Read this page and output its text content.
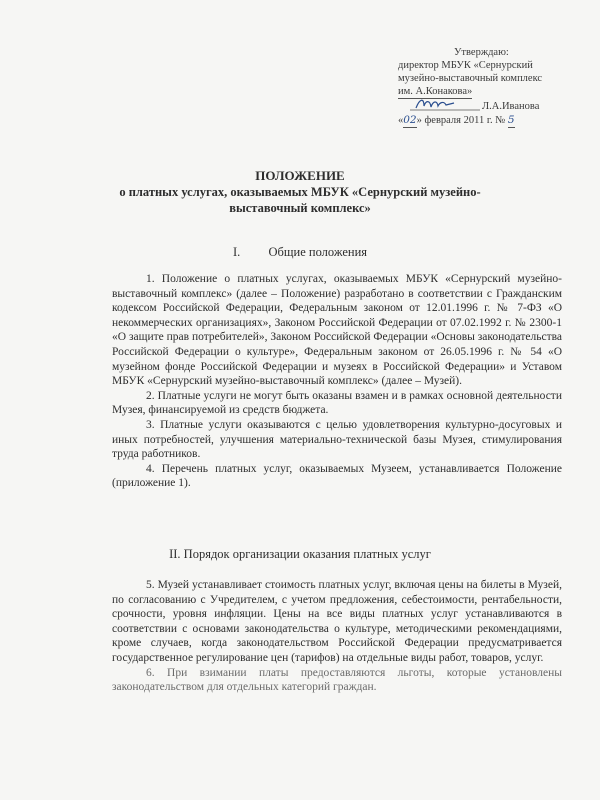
Утверждаю:
директор МБУК «Сернурский
музейно-выставочный комплекс
им. А.Конакова»
Л.А.Иванова
«02» февраля 2011 г. № 5
ПОЛОЖЕНИЕ
о платных услугах, оказываемых МБУК «Сернурский музейно-
выставочный комплекс»
I. Общие положения

1. Положение о платных услугах, оказываемых МБУК «Сернурский музейно-выставочный комплекс» (далее – Положение) разработано в соответствии с Гражданским кодексом Российской Федерации, Федеральным законом от 12.01.1996 г. № 7-ФЗ «О некоммерческих организациях», Законом Российской Федерации от 07.02.1992 г. № 2300-1 «О защите прав потребителей», Законом Российской Федерации «Основы законодательства Российской Федерации о культуре», Федеральным законом от 26.05.1996 г. № 54 «О музейном фонде Российской Федерации и музеях в Российской Федерации» и Уставом МБУК «Сернурский музейно-выставочный комплекс» (далее – Музей).

2. Платные услуги не могут быть оказаны взамен и в рамках основной деятельности Музея, финансируемой из средств бюджета.

3. Платные услуги оказываются с целью удовлетворения культурно-досуговых и иных потребностей, улучшения материально-технической базы Музея, стимулирования труда работников.

4. Перечень платных услуг, оказываемых Музеем, устанавливается Положение (приложение 1).

II. Порядок организации оказания платных услуг

5. Музей устанавливает стоимость платных услуг, включая цены на билеты в Музей, по согласованию с Учредителем, с учетом предложения, себестоимости, рентабельности, срочности, уровня инфляции. Цены на все виды платных услуг устанавливаются в соответствии с основами законодательства о культуре, методическими рекомендациями, кроме случаев, когда законодательством Российской Федерации предусматривается государственное регулирование цен (тарифов) на отдельные виды работ, товаров, услуг.

6. При взимании платы предоставляются льготы, которые установлены законодательством для отдельных категорий граждан.
